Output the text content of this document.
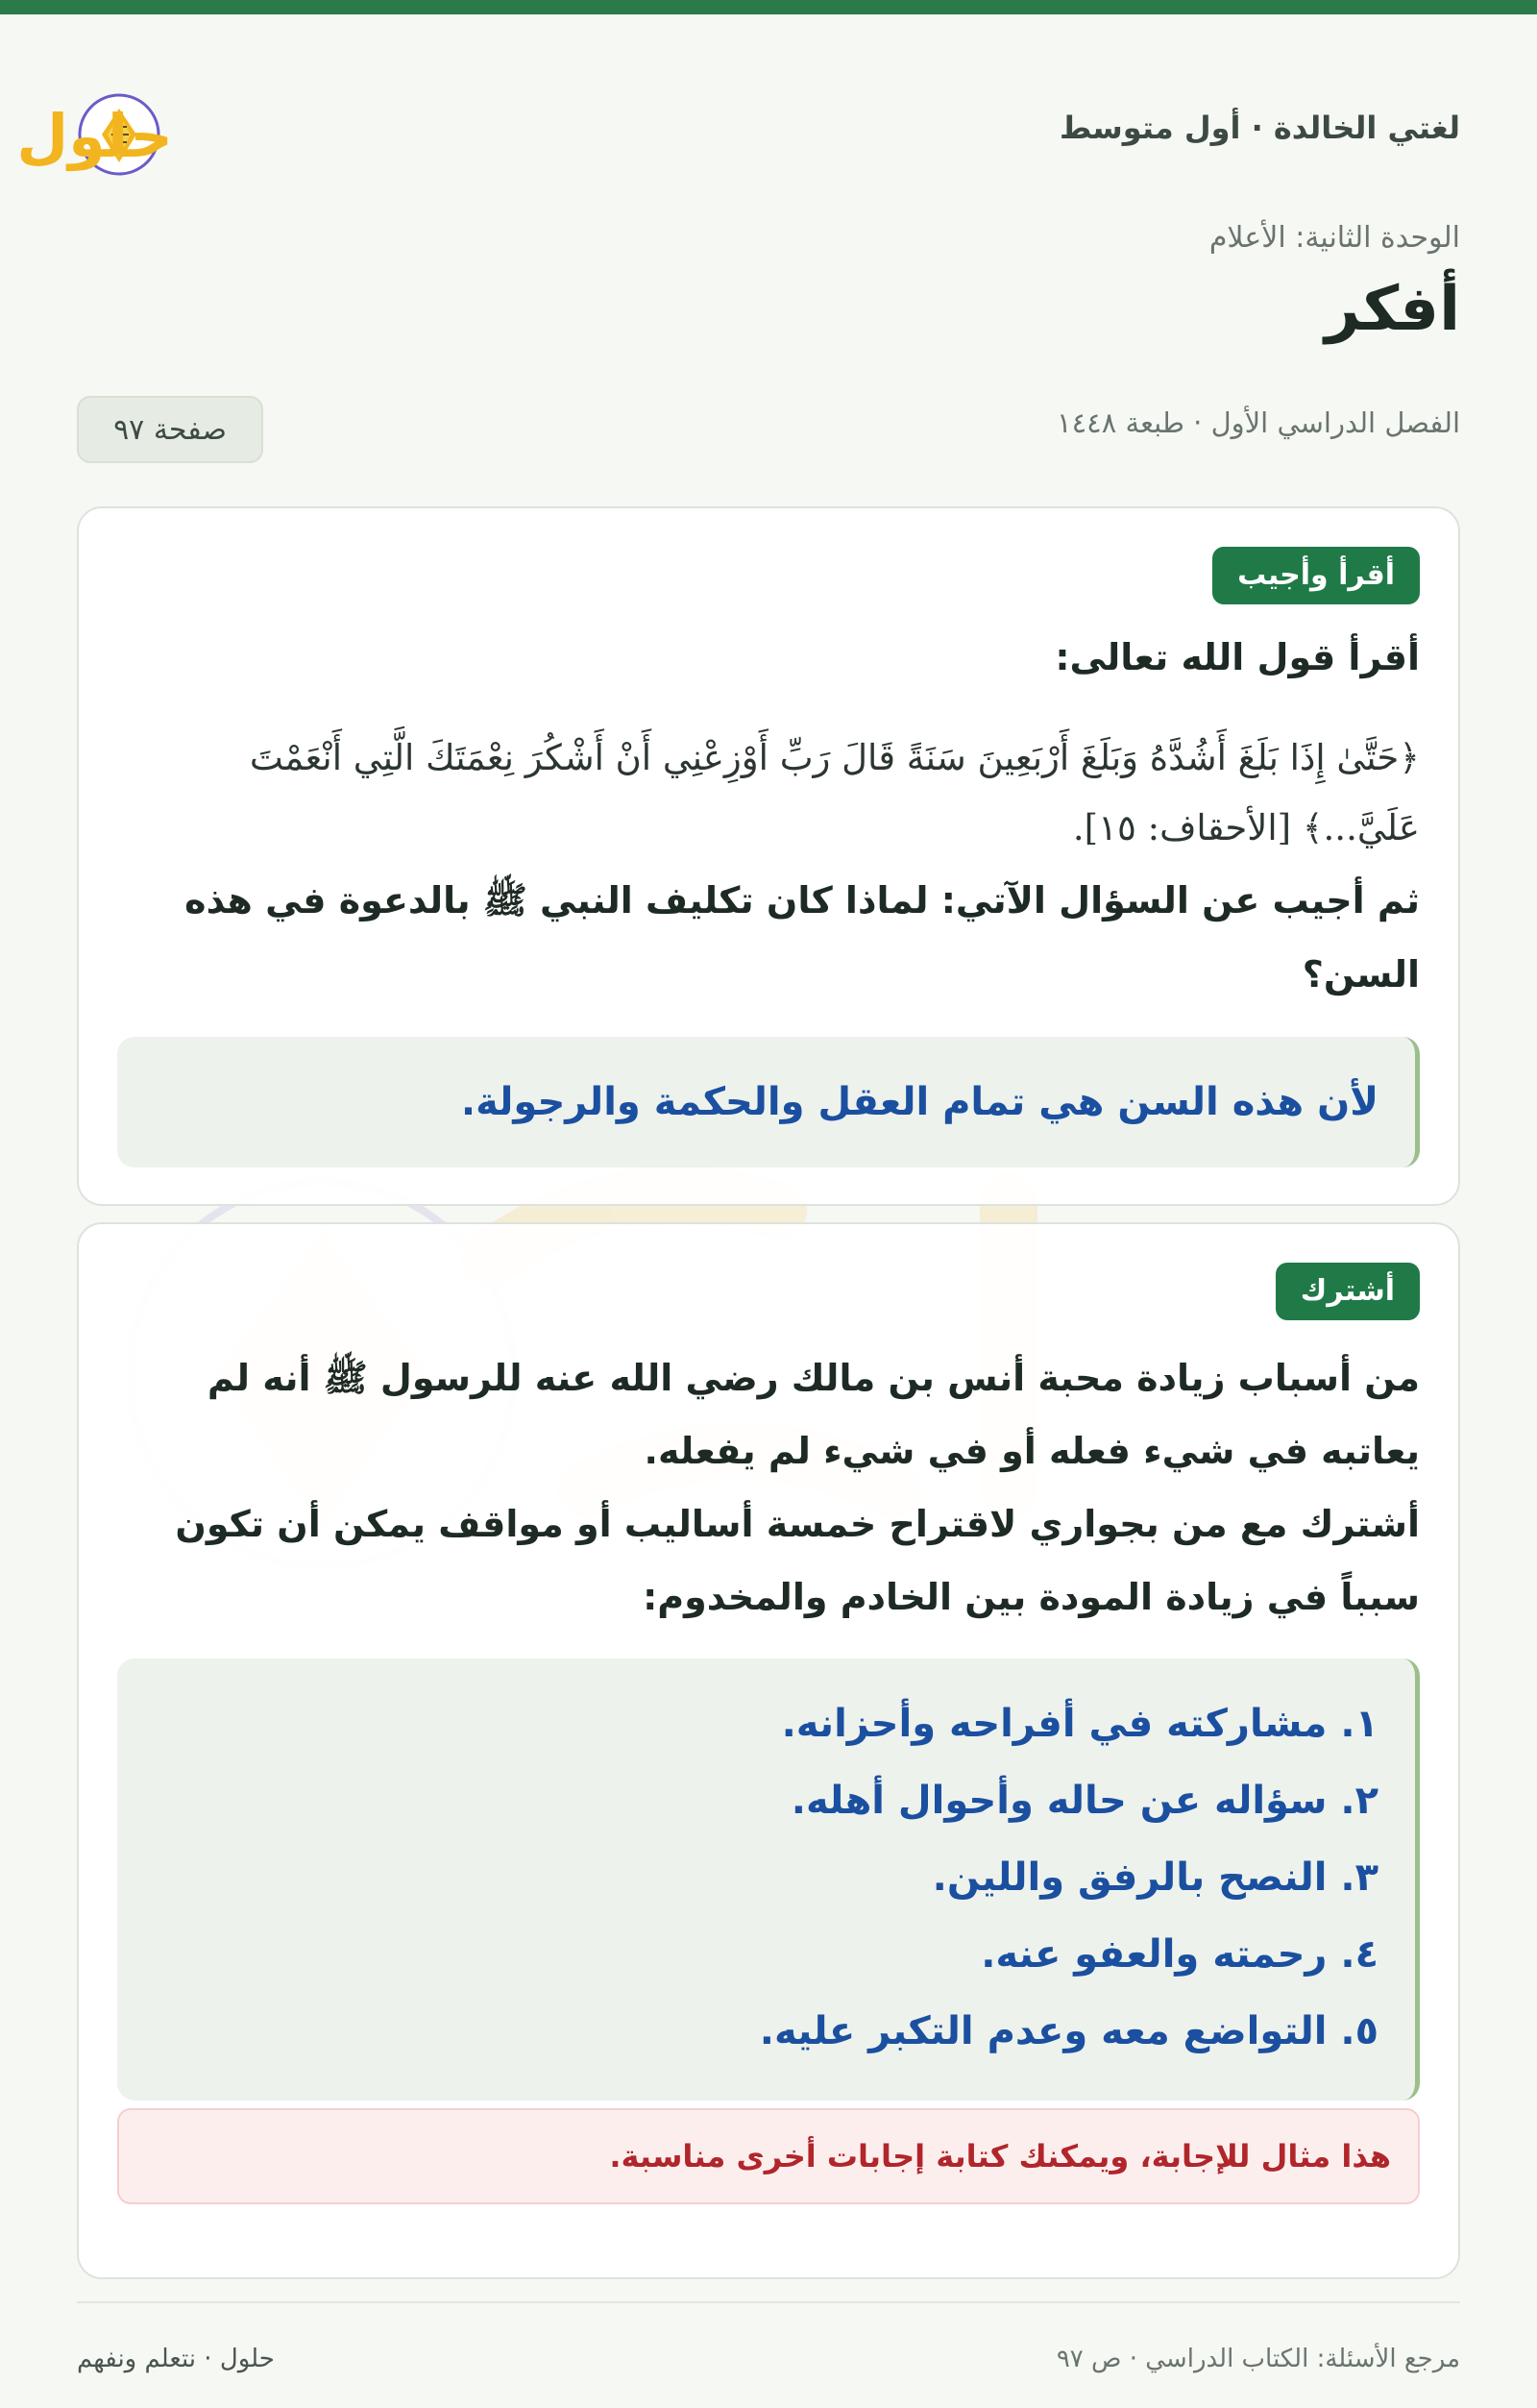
لغتي الخالدة · أول متوسط
حلول
الوحدة الثانية: الأعلام
أفكر
الفصل الدراسي الأول · طبعة ١٤٤٨
صفحة ٩٧
أقرأ وأجيب

أقرأ قول الله تعالى:

﴿حَتَّىٰ إِذَا بَلَغَ أَشُدَّهُ وَبَلَغَ أَرْبَعِينَ سَنَةً قَالَ رَبِّ أَوْزِعْنِي أَنْ أَشْكُرَ نِعْمَتَكَ الَّتِي أَنْعَمْتَ

عَلَيَّ...﴾ [الأحقاف: ١٥].

ثم أجيب عن السؤال الآتي: لماذا كان تكليف النبي ﷺ بالدعوة في هذه

السن؟

لأن هذه السن هي تمام العقل والحكمة والرجولة.
أشترك

من أسباب زيادة محبة أنس بن مالك رضي الله عنه للرسول ﷺ أنه لم

يعاتبه في شيء فعله أو في شيء لم يفعله.

أشترك مع من بجواري لاقتراح خمسة أساليب أو مواقف يمكن أن تكون

سبباً في زيادة المودة بين الخادم والمخدوم:

١. مشاركته في أفراحه وأحزانه.
٢. سؤاله عن حاله وأحوال أهله.
٣. النصح بالرفق واللين.
٤. رحمته والعفو عنه.
٥. التواضع معه وعدم التكبر عليه.
هذا مثال للإجابة، ويمكنك كتابة إجابات أخرى مناسبة.
مرجع الأسئلة: الكتاب الدراسي · ص ٩٧
حلول · نتعلم ونفهم
